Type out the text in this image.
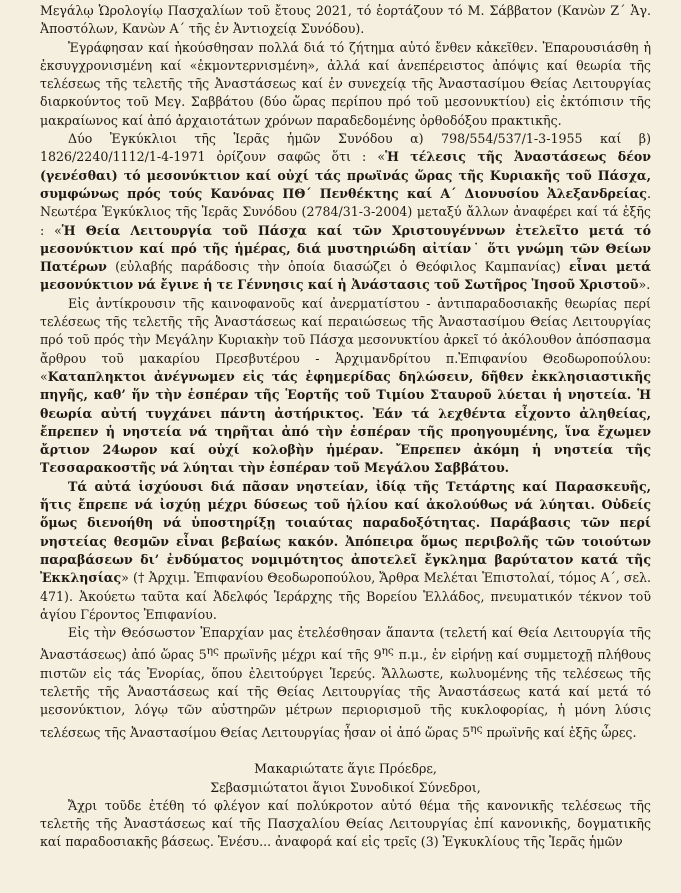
Μεγάλῳ Ὡρολογίῳ Πασχαλίων τοῦ ἔτους 2021, τό ἑορτάζουν τό Μ. Σάββατον (Κανὼν Ζ΄ Ἁγ. Ἀποστόλων, Κανὼν Α΄ τῆς ἐν Ἀντιοχείᾳ Συνόδου).

Ἐγράφησαν καί ἠκούσθησαν πολλά διά τό ζήτημα αὐτό ἔνθεν κἀκεῖθεν. Ἐπαρουσιάσθη ἡ ἐκσυγχρονισμένη καί «ἐκμοντερνισμένη», ἀλλά καί ἀνεπέρειστος ἀπόψις καί θεωρία τῆς τελέσεως τῆς τελετῆς τῆς Ἀναστάσεως καί ἐν συνεχείᾳ τῆς Ἀναστασίμου Θείας Λειτουργίας διαρκούντος τοῦ Μεγ. Σαββάτου (δύο ὥρας περίπου πρό τοῦ μεσονυκτίου) εἰς ἐκτόπισιν τῆς μακραίωνος καί ἀπό ἀρχαιοτάτων χρόνων παραδεδομένης ὀρθοδόξου πρακτικῆς.

Δύο Ἐγκύκλιοι τῆς Ἱερᾶς ἡμῶν Συνόδου α) 798/554/537/1-3-1955 καί β) 1826/2240/1112/1-4-1971 ὁρίζουν σαφῶς ὅτι : «Ἡ τέλεσις τῆς Ἀναστάσεως δέον (γενέσθαι) τό μεσονύκτιον καί οὐχί τάς πρωϊνάς ὥρας τῆς Κυριακῆς τοῦ Πάσχα, συμφώνως πρός τούς Κανόνας ΠΘ΄ Πενθέκτης καί Α΄ Διονυσίου Ἀλεξανδρείας. Νεωτέρα Ἐγκύκλιος τῆς Ἱερᾶς Συνόδου (2784/31-3-2004) μεταξύ ἄλλων ἀναφέρει καί τά ἑξῆς : «Ἡ Θεία Λειτουργία τοῦ Πάσχα καί τῶν Χριστουγέννων ἐτελεῖτο μετά τό μεσονύκτιον καί πρό τῆς ἡμέρας, διά μυστηριώδη αἰτίαν˙ ὅτι γνώμη τῶν Θείων Πατέρων (εὐλαβής παράδοσις τὴν ὁποία διασώζει ὁ Θεόφιλος Καμπανίας) εἶναι μετά μεσονύκτιον νά ἔγινε ἡ τε Γέννησις καί ἡ Ἀνάστασις τοῦ Σωτῆρος Ἰησοῦ Χριστοῦ».

Εἰς ἀντίκρουσιν τῆς καινοφανοῦς καί ἀνερματίστου - ἀντιπαραδοσιακῆς θεωρίας περί τελέσεως τῆς τελετῆς τῆς Ἀναστάσεως καί περαιώσεως τῆς Ἀναστασίμου Θείας Λειτουργίας πρό τοῦ πρός τὴν Μεγάλην Κυριακὴν τοῦ Πάσχα μεσονυκτίου ἀρκεῖ τό ἀκόλουθον ἀπόσπασμα ἄρθρου τοῦ μακαρίου Πρεσβυτέρου - Ἀρχιμανδρίτου π.Ἐπιφανίου Θεοδωροπούλου: «Καταπληκτοι ἀνέγνωμεν εἰς τάς ἐφημερίδας δηλώσειν, δῆθεν ἐκκλησιαστικῆς πηγῆς, καθ’ ἥν τὴν ἑσπέραν τῆς Ἑορτῆς τοῦ Τιμίου Σταυροῦ λύεται ἡ νηστεία. Ἡ θεωρία αὐτή τυγχάνει πάντη ἀστήρικτος. Ἐάν τά λεχθέντα εἶχοντο ἀληθείας, ἔπρεπεν ἡ νηστεία νά τηρῆται ἀπό τὴν ἑσπέραν τῆς προηγουμένης, ἵνα ἔχωμεν ἄρτιον 24ωρον καί οὐχί κολοβὴν ἡμέραν. Ἔπρεπεν ἀκόμη ἡ νηστεία τῆς Τεσσαρακοστῆς νά λύηται τὴν ἑσπέραν τοῦ Μεγάλου Σαββάτου.

Τά αὐτά ἰσχύουσι διά πᾶσαν νηστείαν, ἰδίᾳ τῆς Τετάρτης καί Παρασκευῆς, ἥτις ἔπρεπε νά ἰσχύῃ μέχρι δύσεως τοῦ ἡλίου καί ἀκολούθως νά λύηται. Οὐδείς ὅμως διενοήθη νά ὑποστηρίξῃ τοιαύτας παραδοξότητας. Παράβασις τῶν περί νηστείας θεσμῶν εἶναι βεβαίως κακόν. Ἀπόπειρα ὅμως περιβολῆς τῶν τοιούτων παραβάσεων δι’ ἐνδύματος νομιμότητος ἀποτελεῖ ἔγκλημα βαρύτατον κατά τῆς Ἐκκλησίας» († Ἀρχιμ. Ἐπιφανίου Θεοδωροπούλου, Ἄρθρα Μελέται Ἐπιστολαί, τόμος Α΄, σελ. 471). Ἀκούετω ταῦτα καί Ἀδελφός Ἱεράρχης τῆς Βορείου Ἑλλάδος, πνευματικόν τέκνον τοῦ ἁγίου Γέροντος Ἐπιφανίου.

Εἰς τὴν Θεόσωστον Ἐπαρχίαν μας ἐτελέσθησαν ἅπαντα (τελετή καί Θεία Λειτουργία τῆς Ἀναστάσεως) ἀπό ὥρας $5^{\eta\varsigma}$ πρωϊνῆς μέχρι καί τῆς $9^{\eta\varsigma}$ π.μ., ἐν εἰρήνῃ καί συμμετοχῇ πλήθους πιστῶν εἰς τάς Ἐνορίας, ὅπου ἐλειτούργει Ἱερεύς. Ἄλλωστε, κωλυομένης τῆς τελέσεως τῆς τελετῆς τῆς Ἀναστάσεως καί τῆς Θείας Λειτουργίας τῆς Ἀναστάσεως κατά καί μετά τό μεσονύκτιον, λόγῳ τῶν αὐστηρῶν μέτρων περιορισμοῦ τῆς κυκλοφορίας, ἡ μόνη λύσις τελέσεως τῆς Ἀναστασίμου Θείας Λειτουργίας ἦσαν οἱ ἀπό ὥρας $5^{\eta\varsigma}$ πρωϊνῆς καί ἑξῆς ὧρες.

Μακαριώτατε ἅγιε Πρόεδρε,

Σεβασμιώτατοι ἅγιοι Συνοδικοί Σύνεδροι,

Ἄχρι τοῦδε ἐτέθη τό φλέγον καί πολύκροτον αὐτό θέμα τῆς κανονικῆς τελέσεως τῆς τελετῆς τῆς Ἀναστάσεως καί τῆς Πασχαλίου Θείας Λειτουργίας ἐπί κανονικῆς, δογματικῆς καί παραδοσιακῆς βάσεως. Ἐνέσυ... ἀναφορά καί εἰς τρεῖς (3) Ἐγκυκλίους τῆς Ἱερᾶς ἡμῶν
